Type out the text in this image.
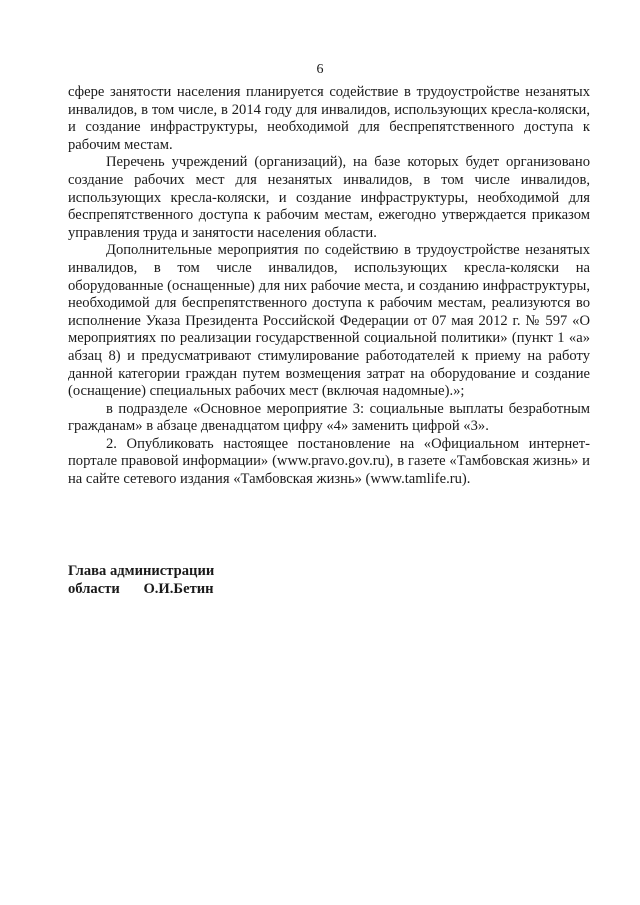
6

сфере занятости населения планируется содействие в трудоустройстве незанятых инвалидов, в том числе, в 2014 году для инвалидов, использующих кресла-коляски, и создание инфраструктуры, необходимой для беспрепятственного доступа к рабочим местам.

Перечень учреждений (организаций), на базе которых будет организовано создание рабочих мест для незанятых инвалидов, в том числе инвалидов, использующих кресла-коляски, и создание инфраструктуры, необходимой для беспрепятственного доступа к рабочим местам, ежегодно утверждается приказом управления труда и занятости населения области.

Дополнительные мероприятия по содействию в трудоустройстве незанятых инвалидов, в том числе инвалидов, использующих кресла-коляски на оборудованные (оснащенные) для них рабочие места, и созданию инфраструктуры, необходимой для беспрепятственного доступа к рабочим местам, реализуются во исполнение Указа Президента Российской Федерации от 07 мая 2012 г. № 597 «О мероприятиях по реализации государственной социальной политики» (пункт 1 «а» абзац 8) и предусматривают стимулирование работодателей к приему на работу данной категории граждан путем возмещения затрат на оборудование и создание (оснащение) специальных рабочих мест (включая надомные).»;

в подразделе «Основное мероприятие 3: социальные выплаты безработным гражданам» в абзаце двенадцатом цифру «4» заменить цифрой «3».

2. Опубликовать настоящее постановление на «Официальном интернет-портале правовой информации» (www.pravo.gov.ru), в газете «Тамбовская жизнь» и на сайте сетевого издания «Тамбовская жизнь» (www.tamlife.ru).

Глава администрации
области О.И.Бетин
